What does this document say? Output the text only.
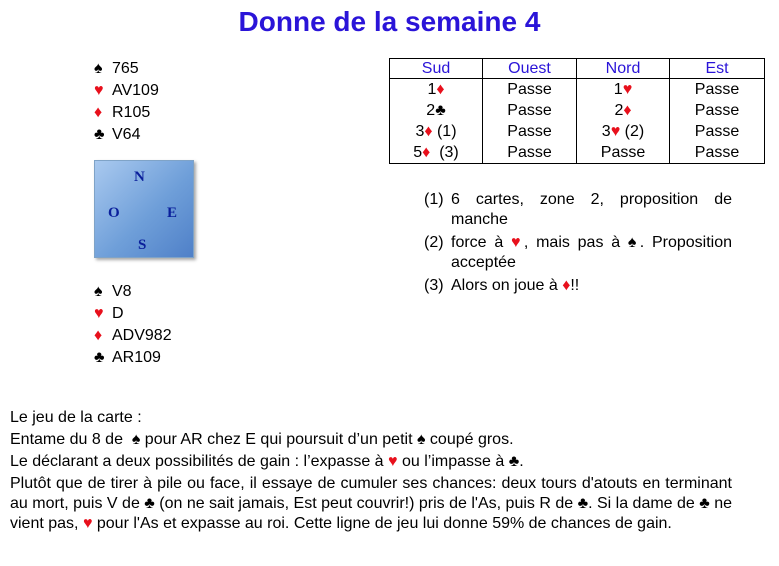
Donne de la semaine 4
♠ 765
♥ AV109
♦ R105
♣ V64
N
O	E
S
♠ V8
♥ D
♦ ADV982
♣ AR109
Sud	Ouest	Nord	Est
1♦	Passe	1♥	Passe
2♣	Passe	2♦	Passe
3♦ (1)	Passe	3♥ (2)	Passe
5♦  (3)	Passe	Passe	Passe
(1) 6 cartes, zone 2, proposition de manche
(2) force à ♥, mais pas à ♠. Proposition acceptée
(3) Alors on joue à ♦!!
Le jeu de la carte :
Entame du 8 de  ♠ pour AR chez E qui poursuit d’un petit ♠ coupé gros.
Le déclarant a deux possibilités de gain : l’expasse à ♥ ou l’impasse à ♣.
Plutôt que de tirer à pile ou face, il essaye de cumuler ses chances: deux tours d'atouts en terminant au mort, puis V de ♣ (on ne sait jamais, Est peut couvrir!) pris de l'As, puis R de ♣. Si la dame de ♣ ne vient pas, ♥ pour l'As et expasse au roi. Cette ligne de jeu lui donne 59% de chances de gain.
